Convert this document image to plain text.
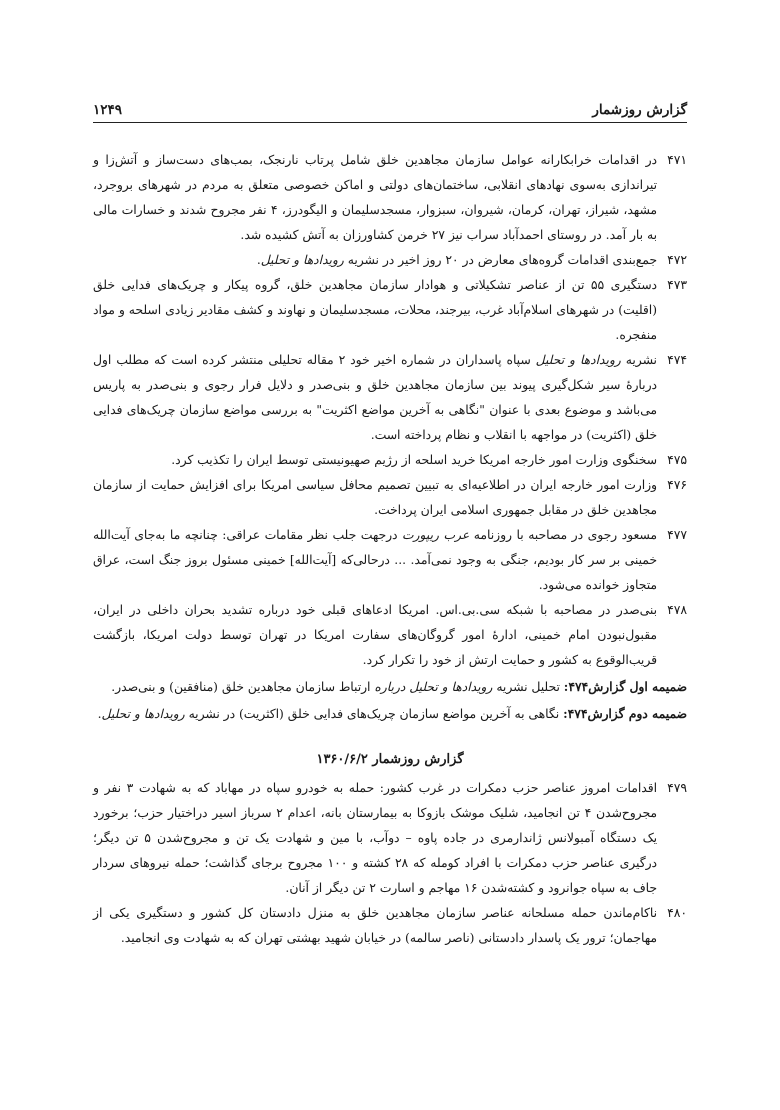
گزارش روزشمار
۱۲۴۹
۴۷۱
در اقدامات خرابکارانه عوامل سازمان مجاهدین خلق شامل پرتاب نارنجک، بمب‌های دست‌ساز و آتش‌زا و تیراندازی به‌سوی نهادهای انقلابی، ساختمان‌های دولتی و اماکن خصوصی متعلق به مردم در شهرهای بروجرد، مشهد، شیراز، تهران، کرمان، شیروان، سبزوار، مسجدسلیمان و الیگودرز، ۴ نفر مجروح شدند و خسارات مالی به بار آمد. در روستای احمدآباد سراب نیز ۲۷ خرمن کشاورزان به آتش کشیده شد.
۴۷۲
جمع‌بندی اقدامات گروه‌های معارض در ۲۰ روز اخیر در نشریه رویدادها و تحلیل.
۴۷۳
دستگیری ۵۵ تن از عناصر تشکیلاتی و هوادار سازمان مجاهدین خلق، گروه پیکار و چریک‌های فدایی خلق (اقلیت) در شهرهای اسلام‌آباد غرب، بیرجند، محلات، مسجدسلیمان و نهاوند و کشف مقادیر زیادی اسلحه و مواد منفجره.
۴۷۴
نشریه رویدادها و تحلیل سپاه پاسداران در شماره اخیر خود ۲ مقاله تحلیلی منتشر کرده است که مطلب اول دربارهٔ سیر شکل‌گیری پیوند بین سازمان مجاهدین خلق و بنی‌صدر و دلایل فرار رجوی و بنی‌صدر به پاریس می‌باشد و موضوع بعدی با عنوان "نگاهی به آخرین مواضع اکثریت" به بررسی مواضع سازمان چریک‌های فدایی خلق (اکثریت) در مواجهه با انقلاب و نظام پرداخته است.
۴۷۵
سخنگوی وزارت امور خارجه امریکا خرید اسلحه از رژیم صهیونیستی توسط ایران را تکذیب کرد.
۴۷۶
وزارت امور خارجه ایران در اطلاعیه‌ای به تبیین تصمیم محافل سیاسی امریکا برای افزایش حمایت از سازمان مجاهدین خلق در مقابل جمهوری اسلامی ایران پرداخت.
۴۷۷
مسعود رجوی در مصاحبه با روزنامه عرب ریپورت درجهت جلب نظر مقامات عراقی: چنانچه ما به‌جای آیت‌الله خمینی بر سر کار بودیم، جنگی به وجود نمی‌آمد. ... درحالی‌که [آیت‌الله] خمینی مسئول بروز جنگ است، عراق متجاوز خوانده می‌شود.
۴۷۸
بنی‌صدر در مصاحبه با شبکه سی.بی.اس. امریکا ادعاهای قبلی خود درباره تشدید بحران داخلی در ایران، مقبول‌نبودن امام خمینی، ادارهٔ امور گروگان‌های سفارت امریکا در تهران توسط دولت امریکا، بازگشت قریب‌الوقوع به کشور و حمایت ارتش از خود را تکرار کرد.
ضمیمه اول گزارش۴۷۴: تحلیل نشریه رویدادها و تحلیل درباره ارتباط سازمان مجاهدین خلق (منافقین) و بنی‌صدر.
ضمیمه دوم گزارش۴۷۴: نگاهی به آخرین مواضع سازمان چریک‌های فدایی خلق (اکثریت) در نشریه رویدادها و تحلیل.
گزارش روزشمار ۱۳۶۰/۶/۲
۴۷۹
اقدامات امروز عناصر حزب دمکرات در غرب کشور: حمله به خودرو سپاه در مهاباد که به شهادت ۳ نفر و مجروح‌شدن ۴ تن انجامید، شلیک موشک بازوکا به بیمارستان بانه، اعدام ۲ سرباز اسیر دراختیار حزب؛ برخورد یک دستگاه آمبولانس ژاندارمری در جاده پاوه – دوآب، با مین و شهادت یک تن و مجروح‌شدن ۵ تن دیگر؛ درگیری عناصر حزب دمکرات با افراد کومله که ۲۸ کشته و ۱۰۰ مجروح برجای گذاشت؛ حمله نیروهای سردار جاف به سپاه جوانرود و کشته‌شدن ۱۶ مهاجم و اسارت ۲ تن دیگر از آنان.
۴۸۰
ناکام‌ماندن حمله مسلحانه عناصر سازمان مجاهدین خلق به منزل دادستان کل کشور و دستگیری یکی از مهاجمان؛ ترور یک پاسدار دادستانی (ناصر سالمه) در خیابان شهید بهشتی تهران که به شهادت وی انجامید.
